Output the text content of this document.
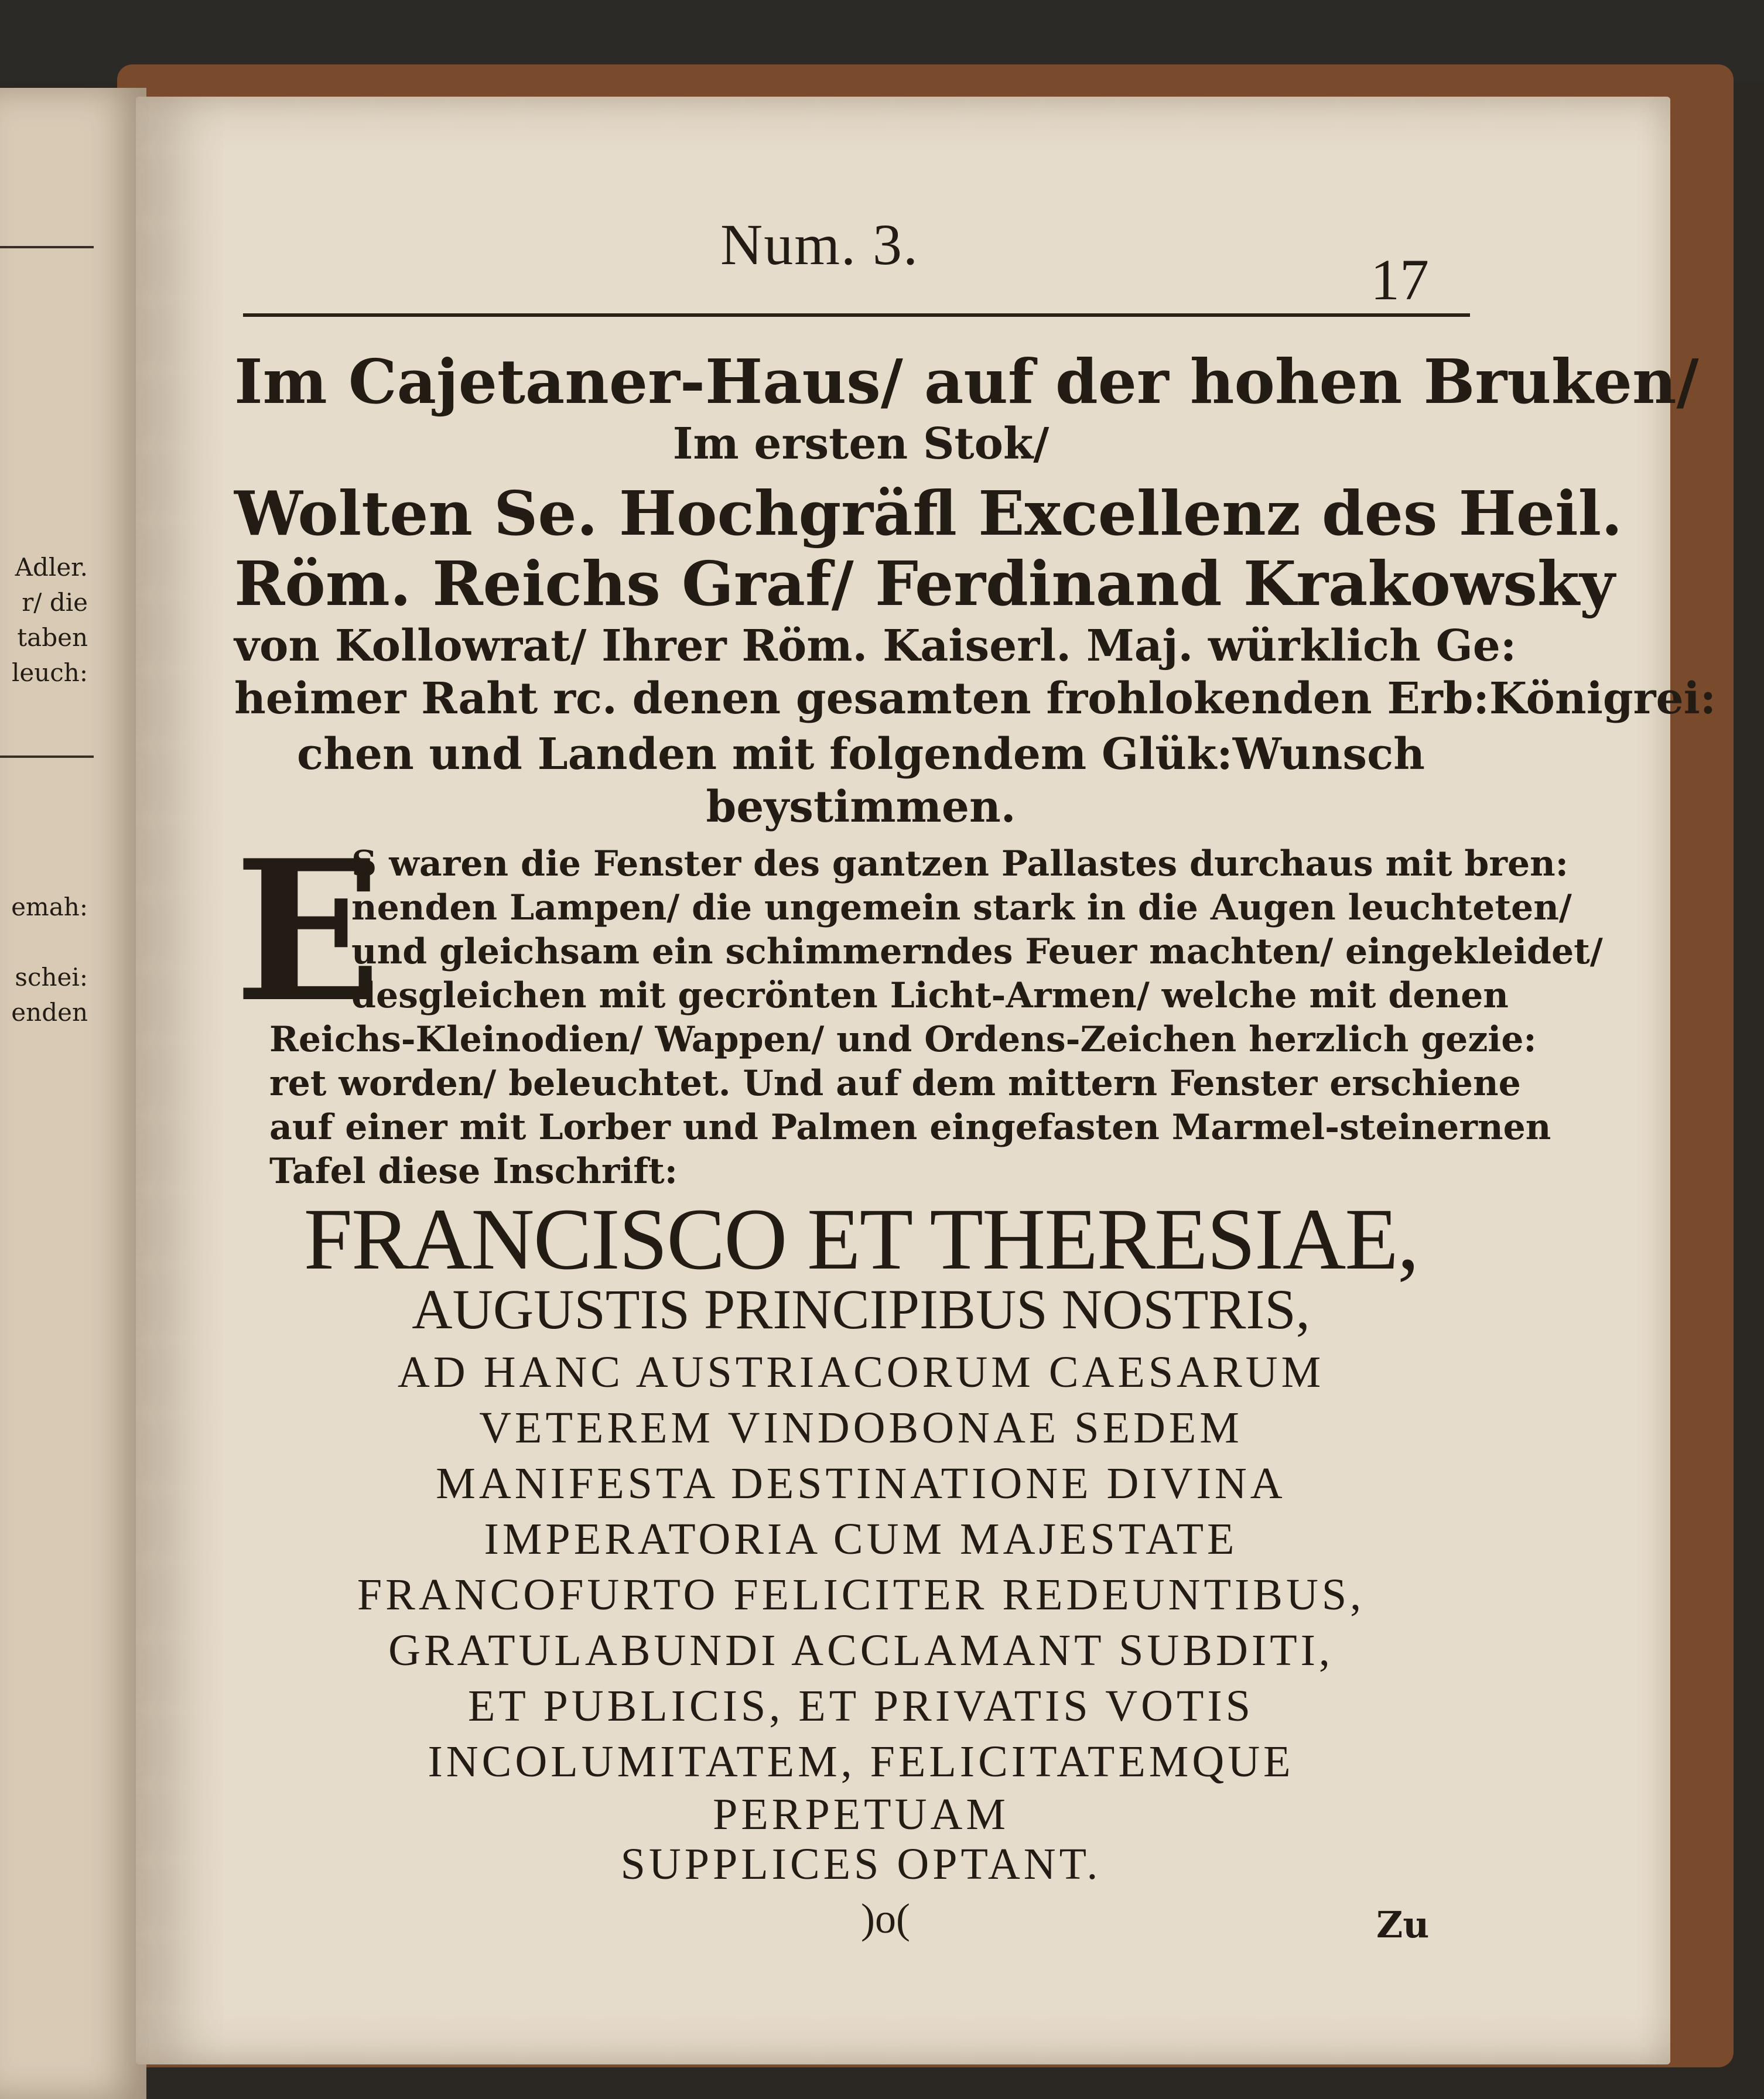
Adler.
r/ die
taben
leuch:
emah:
schei:
enden
Num. 3.
17
Im Cajetaner-Haus/ auf der hohen Bruken/
Im ersten Stok/
Wolten Se. Hochgräfl Excellenz des Heil.
Röm. Reichs Graf/ Ferdinand Krakowsky
von Kollowrat/ Ihrer Röm. Kaiserl. Maj. würklich Ge:
heimer Raht rc. denen gesamten frohlokenden Erb:Königrei:
chen und Landen mit folgendem Glük:Wunsch
beystimmen.
E
S waren die Fenster des gantzen Pallastes durchaus mit bren:
nenden Lampen/ die ungemein stark in die Augen leuchteten/
und gleichsam ein schimmerndes Feuer machten/ eingekleidet/
desgleichen mit gecrönten Licht-Armen/ welche mit denen
Reichs-Kleinodien/ Wappen/ und Ordens-Zeichen herzlich gezie:
ret worden/ beleuchtet. Und auf dem mittern Fenster erschiene
auf einer mit Lorber und Palmen eingefasten Marmel-steinernen
Tafel diese Inschrift:
FRANCISCO ET THERESIAE,
AUGUSTIS PRINCIPIBUS NOSTRIS,
AD HANC AUSTRIACORUM CAESARUM
VETEREM VINDOBONAE SEDEM
MANIFESTA DESTINATIONE DIVINA
IMPERATORIA CUM MAJESTATE
FRANCOFURTO FELICITER REDEUNTIBUS,
GRATULABUNDI ACCLAMANT SUBDITI,
ET PUBLICIS, ET PRIVATIS VOTIS
INCOLUMITATEM, FELICITATEMQUE
PERPETUAM
SUPPLICES OPTANT.
)o(	Zu
